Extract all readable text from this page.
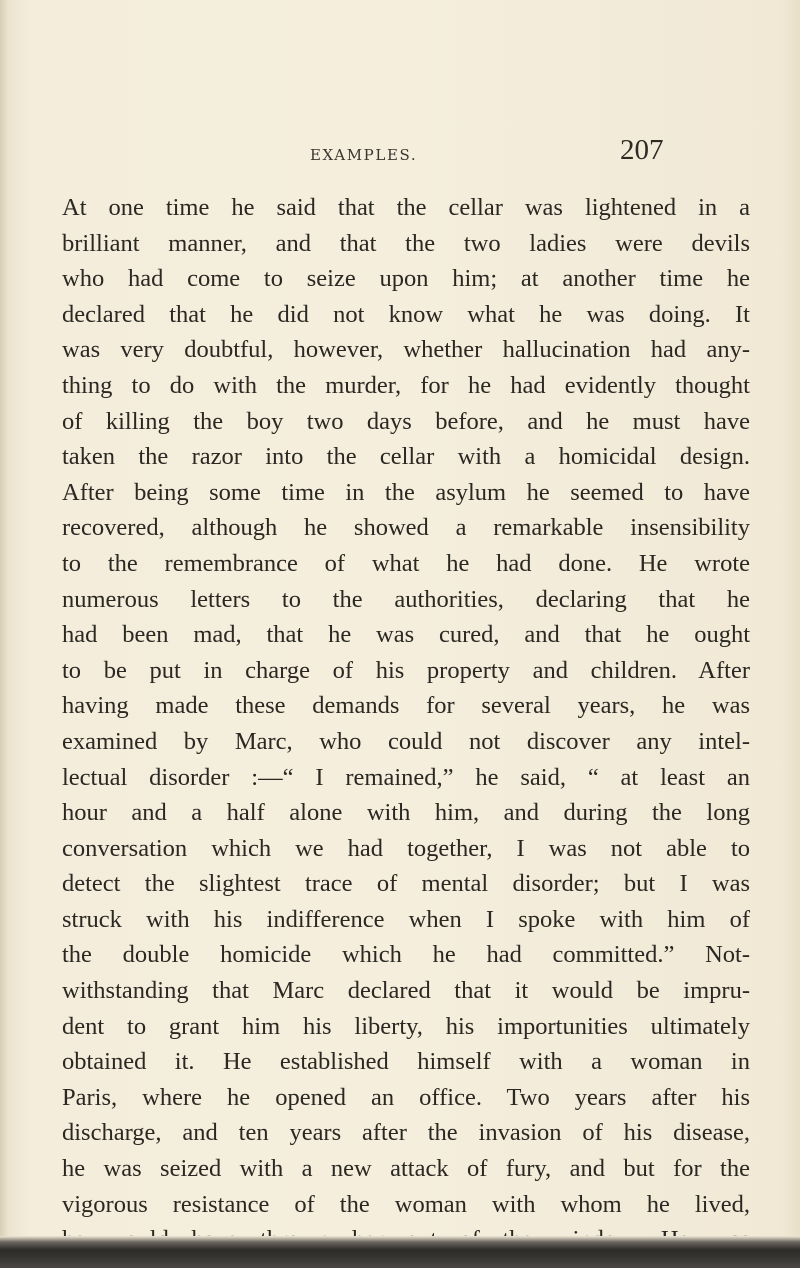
EXAMPLES.	207
At one time he said that the cellar was lightened in a
brilliant manner, and that the two ladies were devils
who had come to seize upon him; at another time he
declared that he did not know what he was doing. It
was very doubtful, however, whether hallucination had any-
thing to do with the murder, for he had evidently thought
of killing the boy two days before, and he must have
taken the razor into the cellar with a homicidal design.
After being some time in the asylum he seemed to have
recovered, although he showed a remarkable insensibility
to the remembrance of what he had done. He wrote
numerous letters to the authorities, declaring that he
had been mad, that he was cured, and that he ought
to be put in charge of his property and children. After
having made these demands for several years, he was
examined by Marc, who could not discover any intel-
lectual disorder :—“ I remained,” he said, “ at least an
hour and a half alone with him, and during the long
conversation which we had together, I was not able to
detect the slightest trace of mental disorder; but I was
struck with his indifference when I spoke with him of
the double homicide which he had committed.” Not-
withstanding that Marc declared that it would be impru-
dent to grant him his liberty, his importunities ultimately
obtained it. He established himself with a woman in
Paris, where he opened an office. Two years after his
discharge, and ten years after the invasion of his disease,
he was seized with a new attack of fury, and but for the
vigorous resistance of the woman with whom he lived,
